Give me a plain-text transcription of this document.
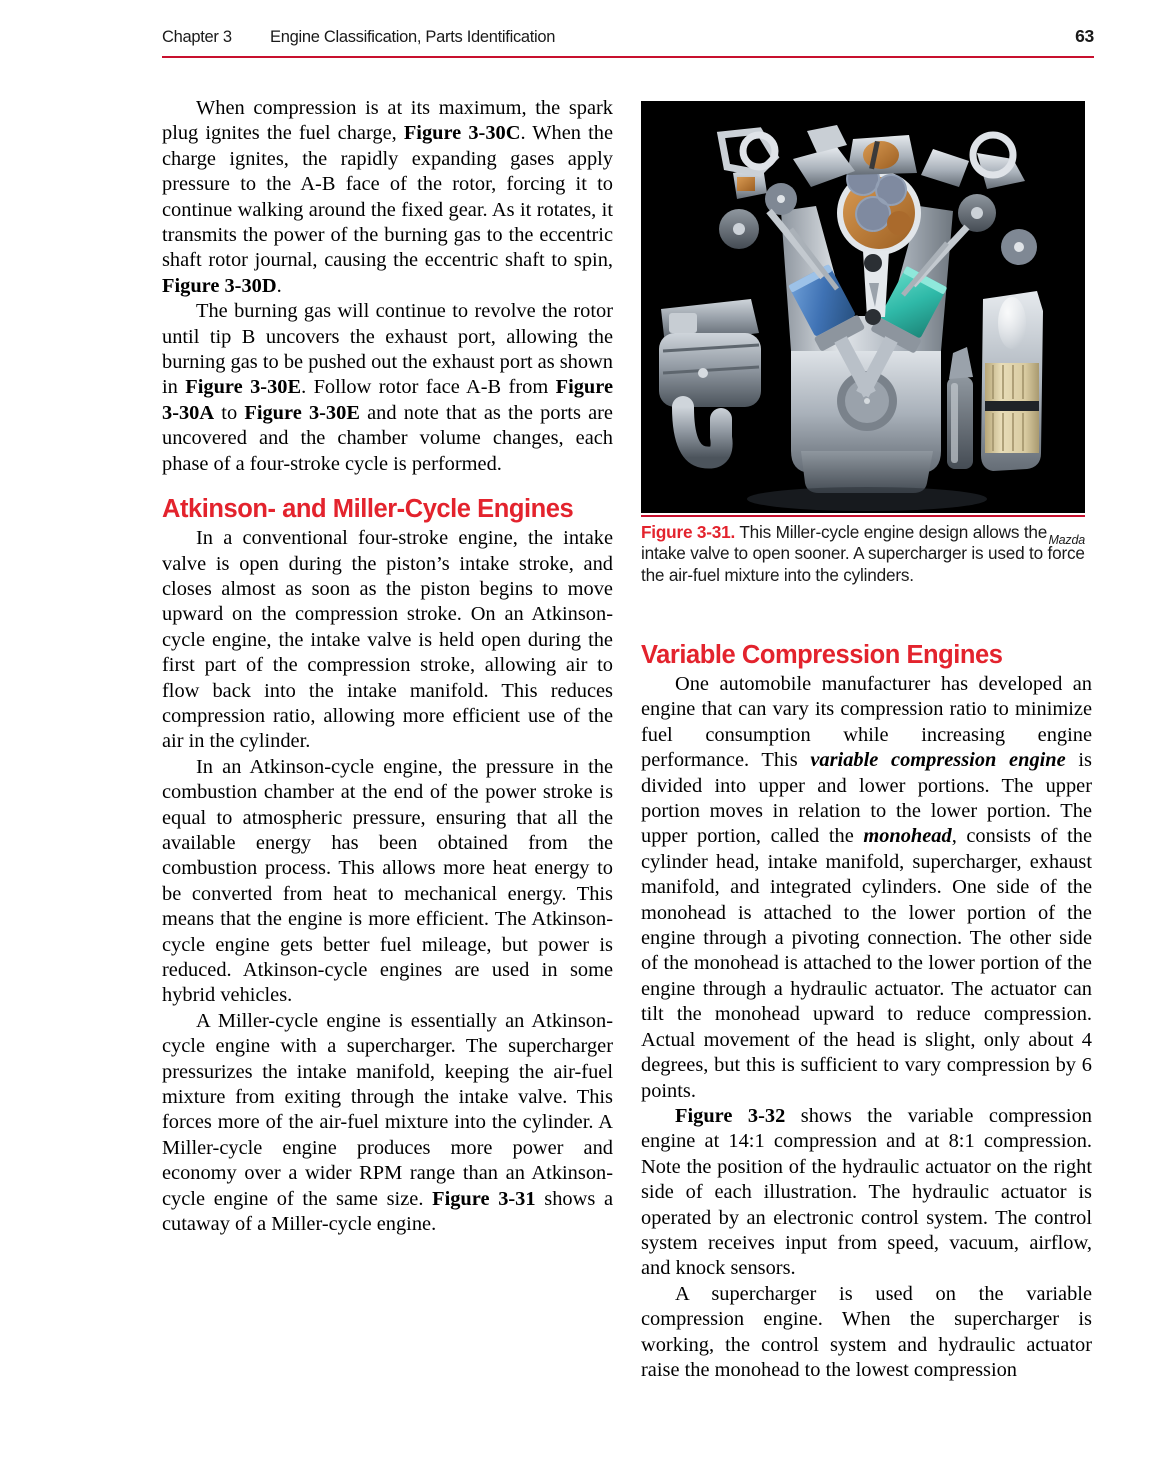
Chapter 3	Engine Classification, Parts Identification	63

When compression is at its maximum, the spark plug ignites the fuel charge, Figure 3-30C. When the charge ignites, the rapidly expanding gases apply pressure to the A-B face of the rotor, forcing it to continue walking around the fixed gear. As it rotates, it transmits the power of the burning gas to the eccentric shaft rotor journal, causing the eccentric shaft to spin, Figure 3-30D.

The burning gas will continue to revolve the rotor until tip B uncovers the exhaust port, allowing the burning gas to be pushed out the exhaust port as shown in Figure 3-30E. Follow rotor face A-B from Figure 3-30A to Figure 3-30E and note that as the ports are uncovered and the chamber volume changes, each phase of a four-stroke cycle is performed.

Atkinson- and Miller-Cycle Engines

In a conventional four-stroke engine, the intake valve is open during the piston’s intake stroke, and closes almost as soon as the piston begins to move upward on the compression stroke. On an Atkinson-cycle engine, the intake valve is held open during the first part of the compression stroke, allowing air to flow back into the intake manifold. This reduces compression ratio, allowing more efficient use of the air in the cylinder.

In an Atkinson-cycle engine, the pressure in the combustion chamber at the end of the power stroke is equal to atmospheric pressure, ensuring that all the available energy has been obtained from the combustion process. This allows more heat energy to be converted from heat to mechanical energy. This means that the engine is more efficient. The Atkinson-cycle engine gets better fuel mileage, but power is reduced. Atkinson-cycle engines are used in some hybrid vehicles.

A Miller-cycle engine is essentially an Atkinson-cycle engine with a supercharger. The supercharger pressurizes the intake manifold, keeping the air-fuel mixture from exiting through the intake valve. This forces more of the air-fuel mixture into the cylinder. A Miller-cycle engine produces more power and economy over a wider RPM range than an Atkinson-cycle engine of the same size. Figure 3-31 shows a cutaway of a Miller-cycle engine.

Mazda
Figure 3-31. This Miller-cycle engine design allows the intake valve to open sooner. A supercharger is used to force the air-fuel mixture into the cylinders.
Variable Compression Engines

One automobile manufacturer has developed an engine that can vary its compression ratio to minimize fuel consumption while increasing engine performance. This variable compression engine is divided into upper and lower portions. The upper portion moves in relation to the lower portion. The upper portion, called the monohead, consists of the cylinder head, intake manifold, supercharger, exhaust manifold, and integrated cylinders. One side of the monohead is attached to the lower portion of the engine through a pivoting connection. The other side of the monohead is attached to the lower portion of the engine through a hydraulic actuator. The actuator can tilt the monohead upward to reduce compression. Actual movement of the head is slight, only about 4 degrees, but this is sufficient to vary compression by 6 points.

Figure 3-32 shows the variable compression engine at 14:1 compression and at 8:1 compression. Note the position of the hydraulic actuator on the right side of each illustration. The hydraulic actuator is operated by an electronic control system. The control system receives input from speed, vacuum, airflow, and knock sensors.

A supercharger is used on the variable compression engine. When the supercharger is working, the control system and hydraulic actuator raise the monohead to the lowest compression
